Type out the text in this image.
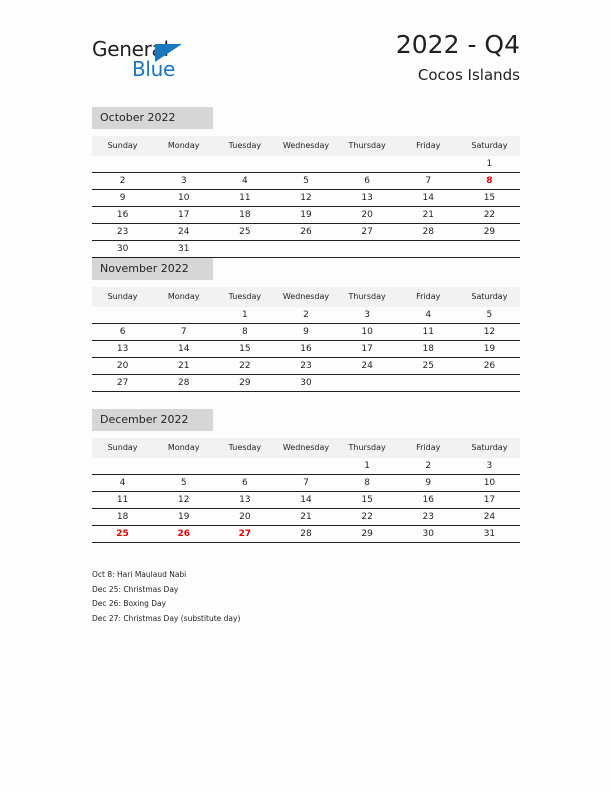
General
Blue
2022 - Q4
Cocos Islands
October 2022
Sunday	Monday	Tuesday	Wednesday	Thursday	Friday	Saturday
						1
2	3	4	5	6	7	8
9	10	11	12	13	14	15
16	17	18	19	20	21	22
23	24	25	26	27	28	29
30	31					
November 2022
Sunday	Monday	Tuesday	Wednesday	Thursday	Friday	Saturday
		1	2	3	4	5
6	7	8	9	10	11	12
13	14	15	16	17	18	19
20	21	22	23	24	25	26
27	28	29	30			
December 2022
Sunday	Monday	Tuesday	Wednesday	Thursday	Friday	Saturday
				1	2	3
4	5	6	7	8	9	10
11	12	13	14	15	16	17
18	19	20	21	22	23	24
25	26	27	28	29	30	31

Oct 8: Hari Maulaud Nabi
Dec 25: Christmas Day
Dec 26: Boxing Day
Dec 27: Christmas Day (substitute day)
